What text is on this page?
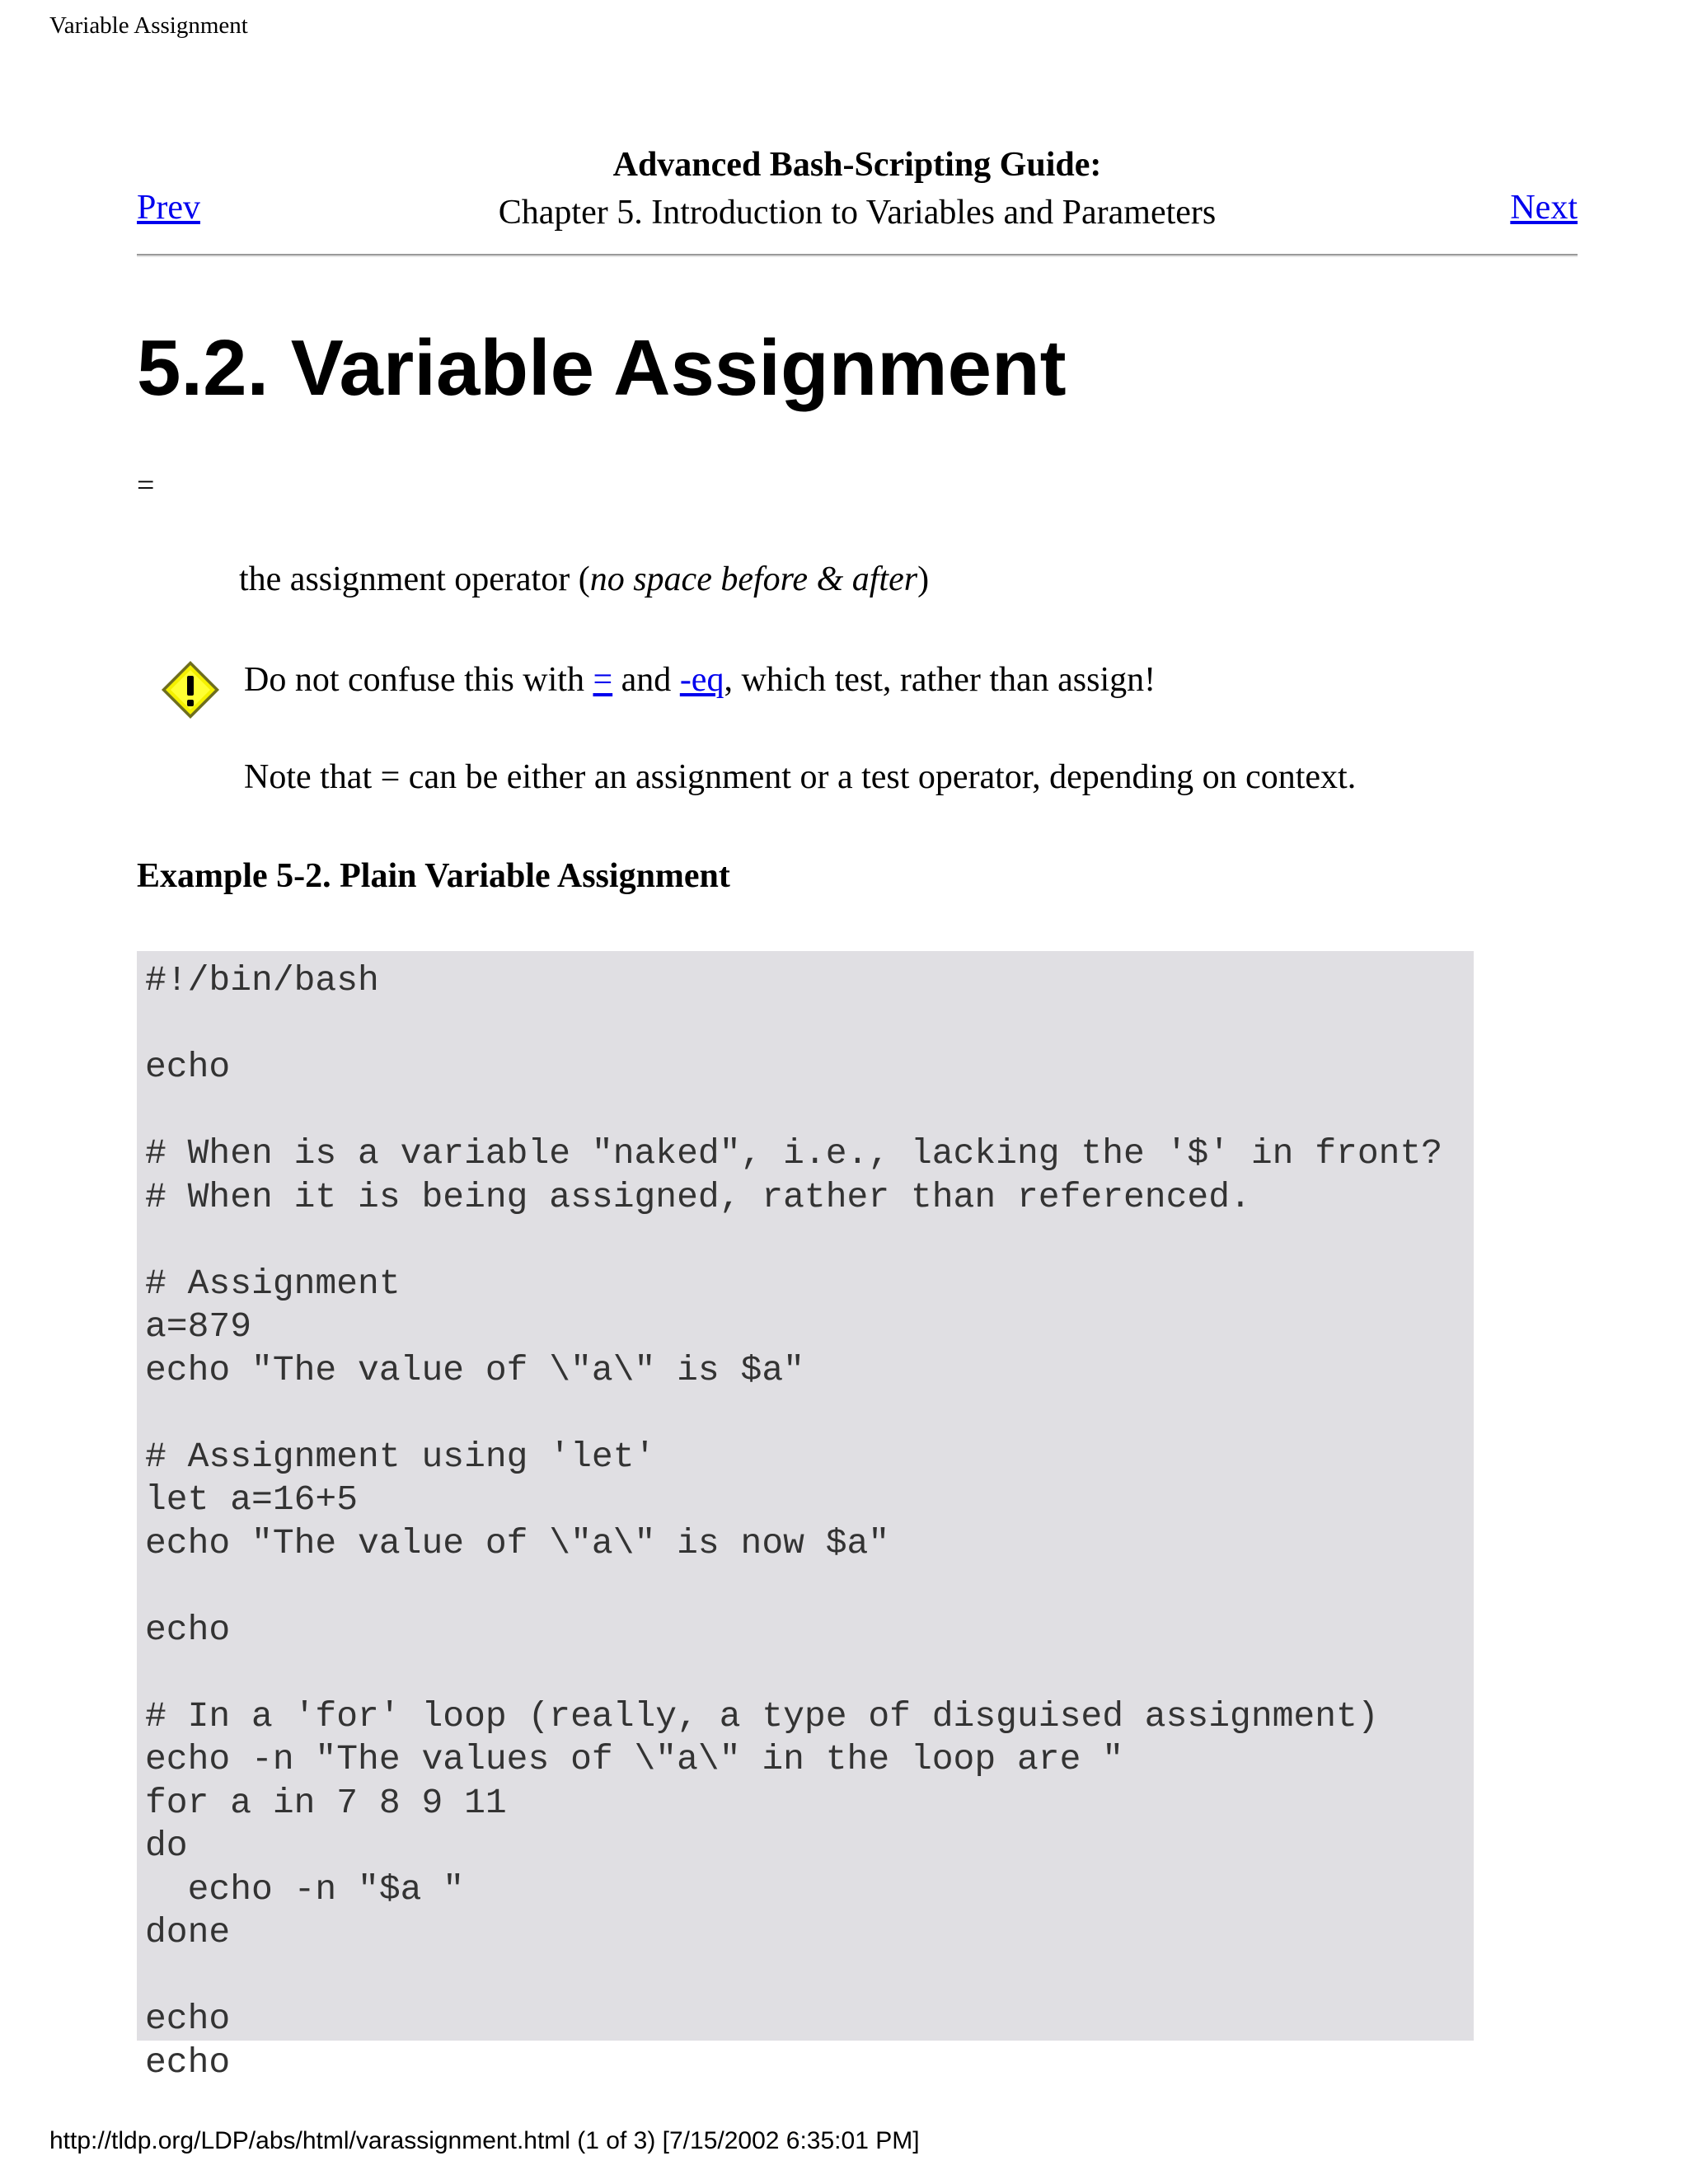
Variable Assignment
Prev
Advanced Bash-Scripting Guide:
Chapter 5. Introduction to Variables and Parameters	Next
5.2. Variable Assignment
=
the assignment operator (no space before & after)
Do not confuse this with = and -eq, which test, rather than assign!
Note that = can be either an assignment or a test operator, depending on context.
Example 5-2. Plain Variable Assignment
#!/bin/bash
echo
# When is a variable "naked", i.e., lacking the '$' in front?
# When it is being assigned, rather than referenced.
# Assignment
a=879
echo "The value of \"a\" is $a"
# Assignment using 'let'
let a=16+5
echo "The value of \"a\" is now $a"
echo
# In a 'for' loop (really, a type of disguised assignment)
echo -n "The values of \"a\" in the loop are "
for a in 7 8 9 11
do
echo -n "$a "
done
echo
echo
http://tldp.org/LDP/abs/html/varassignment.html (1 of 3) [7/15/2002 6:35:01 PM]
